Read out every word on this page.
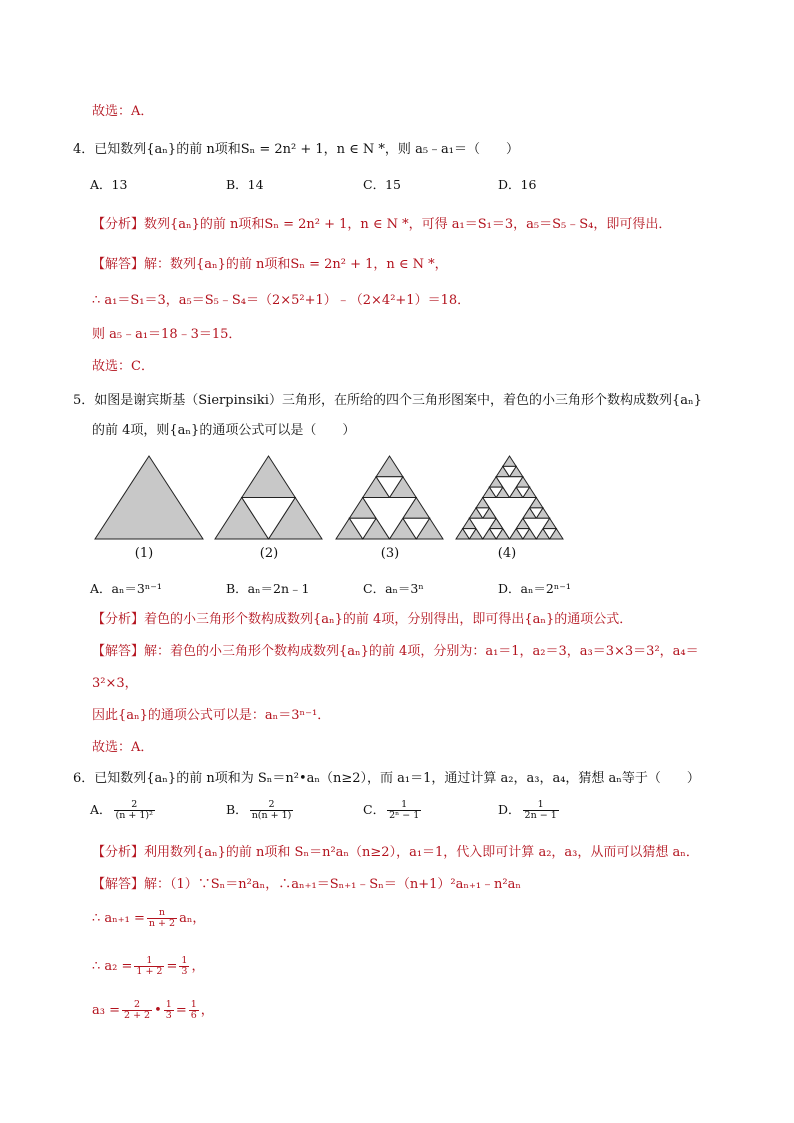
故选：A．
4．已知数列{aₙ}的前 n项和Sₙ = 2n² + 1，n ∈ N *，则 a₅﹣a₁＝（　　）
A．13	B．14	C．15	D．16
【分析】数列{aₙ}的前 n项和Sₙ = 2n² + 1，n ∈ N *，可得 a₁＝S₁＝3，a₅＝S₅﹣S₄，即可得出．
【解答】解：数列{aₙ}的前 n项和Sₙ = 2n² + 1，n ∈ N *，
∴ a₁＝S₁＝3，a₅＝S₅﹣S₄＝（2×5²+1）﹣（2×4²+1）＝18．
则 a₅﹣a₁＝18﹣3＝15．
故选：C．
5．如图是谢宾斯基（Sierpinsiki）三角形，在所给的四个三角形图案中，着色的小三角形个数构成数列{aₙ}
的前 4项，则{aₙ}的通项公式可以是（　　）
(1)	(2)	(3)	(4)
A．aₙ＝3ⁿ⁻¹	B．aₙ＝2n﹣1	C．aₙ＝3ⁿ	D．aₙ＝2ⁿ⁻¹
【分析】着色的小三角形个数构成数列{aₙ}的前 4项，分别得出，即可得出{aₙ}的通项公式．
【解答】解：着色的小三角形个数构成数列{aₙ}的前 4项，分别为：a₁＝1，a₂＝3，a₃＝3×3＝3²，a₄＝
3²×3，
因此{aₙ}的通项公式可以是：aₙ＝3ⁿ⁻¹．
故选：A．
6．已知数列{aₙ}的前 n项和为 Sₙ＝n²•aₙ（n≥2），而 a₁＝1，通过计算 a₂，a₃，a₄，猜想 aₙ等于（　　）
A． $\frac{2}{\text{(n + 1)²}}$	B． $\frac{2}{n(n + 1)}$	C． $\frac{1}{\text{2ⁿ − 1}}$	D． $\frac{1}{2n - 1}$
【分析】利用数列{aₙ}的前 n项和 Sₙ＝n²aₙ（n≥2），a₁＝1，代入即可计算 a₂，a₃，从而可以猜想 aₙ．
【解答】解：（1）∵Sₙ＝n²aₙ，∴aₙ₊₁＝Sₙ₊₁﹣Sₙ＝（n+1）²aₙ₊₁﹣n²aₙ
∴ $a_{n+1} = \frac{n}{n + 2}$ aₙ，
∴ $a_2 = \frac{1}{1 + 2} = \frac{1}{3}$ ，
$a_3 = \frac{2}{2 + 2}$ • $\frac{1}{3} = \frac{1}{6}$ ，
